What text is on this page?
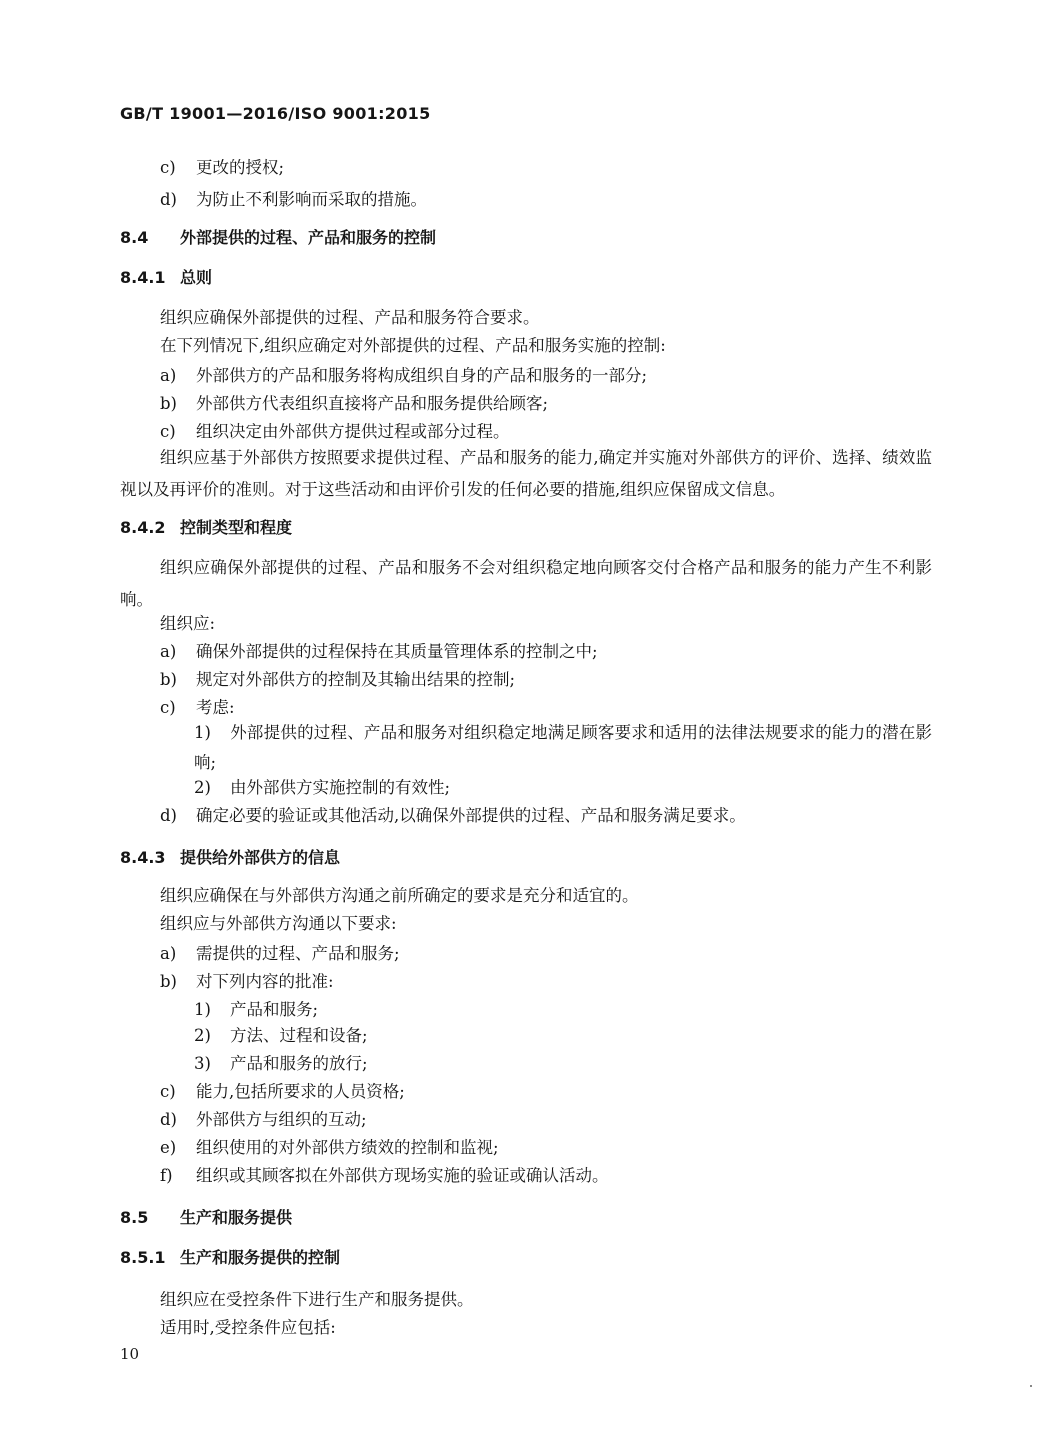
GB/T 19001—2016/ISO 9001:2015
c) 更改的授权;
d) 为防止不利影响而采取的措施。
8.4 外部提供的过程、产品和服务的控制
8.4.1 总则
组织应确保外部提供的过程、产品和服务符合要求。
在下列情况下,组织应确定对外部提供的过程、产品和服务实施的控制:
a) 外部供方的产品和服务将构成组织自身的产品和服务的一部分;
b) 外部供方代表组织直接将产品和服务提供给顾客;
c) 组织决定由外部供方提供过程或部分过程。
组织应基于外部供方按照要求提供过程、产品和服务的能力,确定并实施对外部供方的评价、选择、绩效监视以及再评价的准则。对于这些活动和由评价引发的任何必要的措施,组织应保留成文信息。
8.4.2 控制类型和程度
组织应确保外部提供的过程、产品和服务不会对组织稳定地向顾客交付合格产品和服务的能力产生不利影响。
组织应:
a) 确保外部提供的过程保持在其质量管理体系的控制之中;
b) 规定对外部供方的控制及其输出结果的控制;
c) 考虑:
1) 外部提供的过程、产品和服务对组织稳定地满足顾客要求和适用的法律法规要求的能力的潜在影响;
2) 由外部供方实施控制的有效性;
d) 确定必要的验证或其他活动,以确保外部提供的过程、产品和服务满足要求。
8.4.3 提供给外部供方的信息
组织应确保在与外部供方沟通之前所确定的要求是充分和适宜的。
组织应与外部供方沟通以下要求:
a) 需提供的过程、产品和服务;
b) 对下列内容的批准:
1) 产品和服务;
2) 方法、过程和设备;
3) 产品和服务的放行;
c) 能力,包括所要求的人员资格;
d) 外部供方与组织的互动;
e) 组织使用的对外部供方绩效的控制和监视;
f) 组织或其顾客拟在外部供方现场实施的验证或确认活动。
8.5 生产和服务提供
8.5.1 生产和服务提供的控制
组织应在受控条件下进行生产和服务提供。
适用时,受控条件应包括:
10
